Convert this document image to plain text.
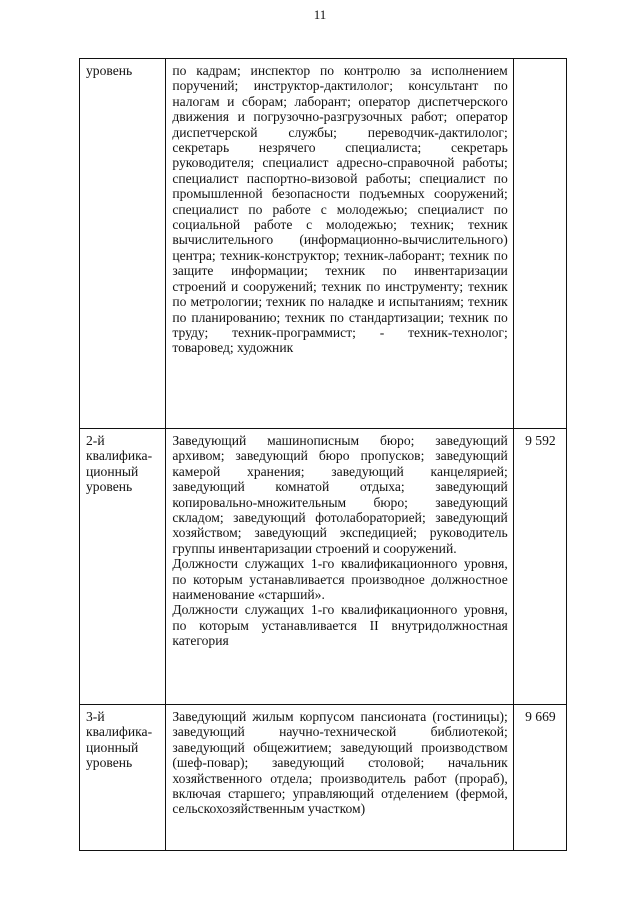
11
уровень	по кадрам; инспектор по контролю за исполнением поручений; инструктор-дактилолог; консультант по налогам и сборам; лаборант; оператор диспетчерского движения и погрузочно-разгрузочных работ; оператор диспетчерской службы; переводчик-дактилолог; секретарь незрячего специалиста; секретарь руководителя; специалист адресно-справочной работы; специалист паспортно-визовой работы; специалист по промышленной безопасности подъемных сооружений; специалист по работе с молодежью; специалист по социальной работе с молодежью; техник; техник вычислительного (информационно-вычислительного) центра; техник-конструктор; техник-лаборант; техник по защите информации; техник по инвентаризации строений и сооружений; техник по инструменту; техник по метрологии; техник по наладке и испытаниям; техник по планированию; техник по стандартизации; техник по труду; техник-программист; - техник-технолог; товаровед; художник	

2-й квалифика-ционный уровень	Заведующий машинописным бюро; заведующий архивом; заведующий бюро пропусков; заведующий камерой хранения; заведующий канцелярией; заведующий комнатой отдыха; заведующий копировально-множительным бюро; заведующий складом; заведующий фотолабораторией; заведующий хозяйством; заведующий экспедицией; руководитель группы инвентаризации строений и сооружений.
Должности служащих 1-го квалификационного уровня, по которым устанавливается производное должностное наименование «старший».
Должности служащих 1-го квалификационного уровня, по которым устанавливается II внутридолжностная категория	9 592
3-й квалифика-ционный уровень	Заведующий жилым корпусом пансионата (гостиницы); заведующий научно-технической библиотекой; заведующий общежитием; заведующий производством (шеф-повар); заведующий столовой; начальник хозяйственного отдела; производитель работ (прораб), включая старшего; управляющий отделением (фермой, сельскохозяйственным участком)	9 669
